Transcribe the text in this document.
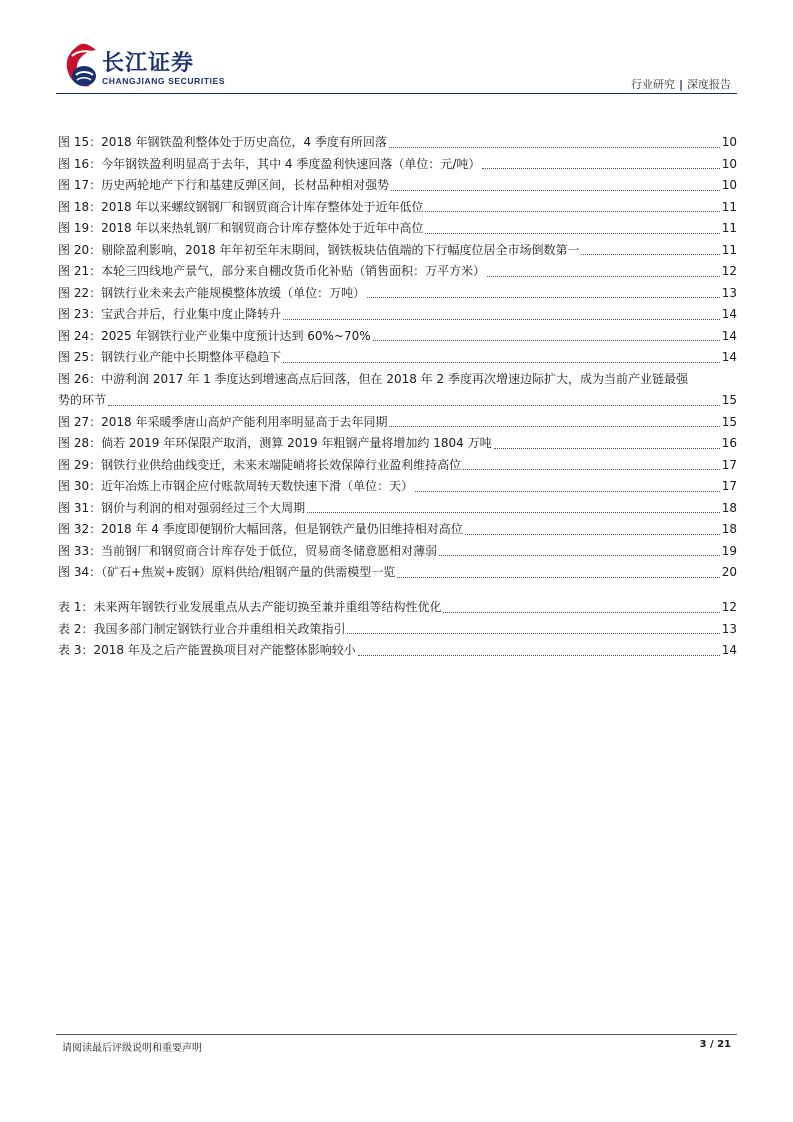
长江证券
CHANGJIANG SECURITIES	行业研究 | 深度报告
图 15：2018 年钢铁盈利整体处于历史高位，4 季度有所回落	10
图 16：今年钢铁盈利明显高于去年，其中 4 季度盈利快速回落（单位：元/吨）	10
图 17：历史两轮地产下行和基建反弹区间，长材品种相对强势	10
图 18：2018 年以来螺纹钢钢厂和钢贸商合计库存整体处于近年低位	11
图 19：2018 年以来热轧钢厂和钢贸商合计库存整体处于近年中高位	11
图 20：剔除盈利影响，2018 年年初至年末期间，钢铁板块估值端的下行幅度位居全市场倒数第一	11
图 21：本轮三四线地产景气，部分来自棚改货币化补贴（销售面积：万平方米）	12
图 22：钢铁行业未来去产能规模整体放缓（单位：万吨）	13
图 23：宝武合并后，行业集中度止降转升	14
图 24：2025 年钢铁行业产业集中度预计达到 60%~70%	14
图 25：钢铁行业产能中长期整体平稳趋下	14
图 26：中游利润 2017 年 1 季度达到增速高点后回落，但在 2018 年 2 季度再次增速边际扩大，成为当前产业链最强
势的环节	15
图 27：2018 年采暖季唐山高炉产能利用率明显高于去年同期	15
图 28：倘若 2019 年环保限产取消，测算 2019 年粗钢产量将增加约 1804 万吨	16
图 29：钢铁行业供给曲线变迁，未来末端陡峭将长效保障行业盈利维持高位	17
图 30：近年冶炼上市钢企应付账款周转天数快速下滑（单位：天）	17
图 31：钢价与利润的相对强弱经过三个大周期	18
图 32：2018 年 4 季度即便钢价大幅回落，但是钢铁产量仍旧维持相对高位	18
图 33：当前钢厂和钢贸商合计库存处于低位，贸易商冬储意愿相对薄弱	19
图 34：（矿石+焦炭+废钢）原料供给/粗钢产量的供需模型一览	20
表 1：未来两年钢铁行业发展重点从去产能切换至兼并重组等结构性优化	12
表 2：我国多部门制定钢铁行业合并重组相关政策指引	13
表 3：2018 年及之后产能置换项目对产能整体影响较小	14
请阅读最后评级说明和重要声明	3 / 21
